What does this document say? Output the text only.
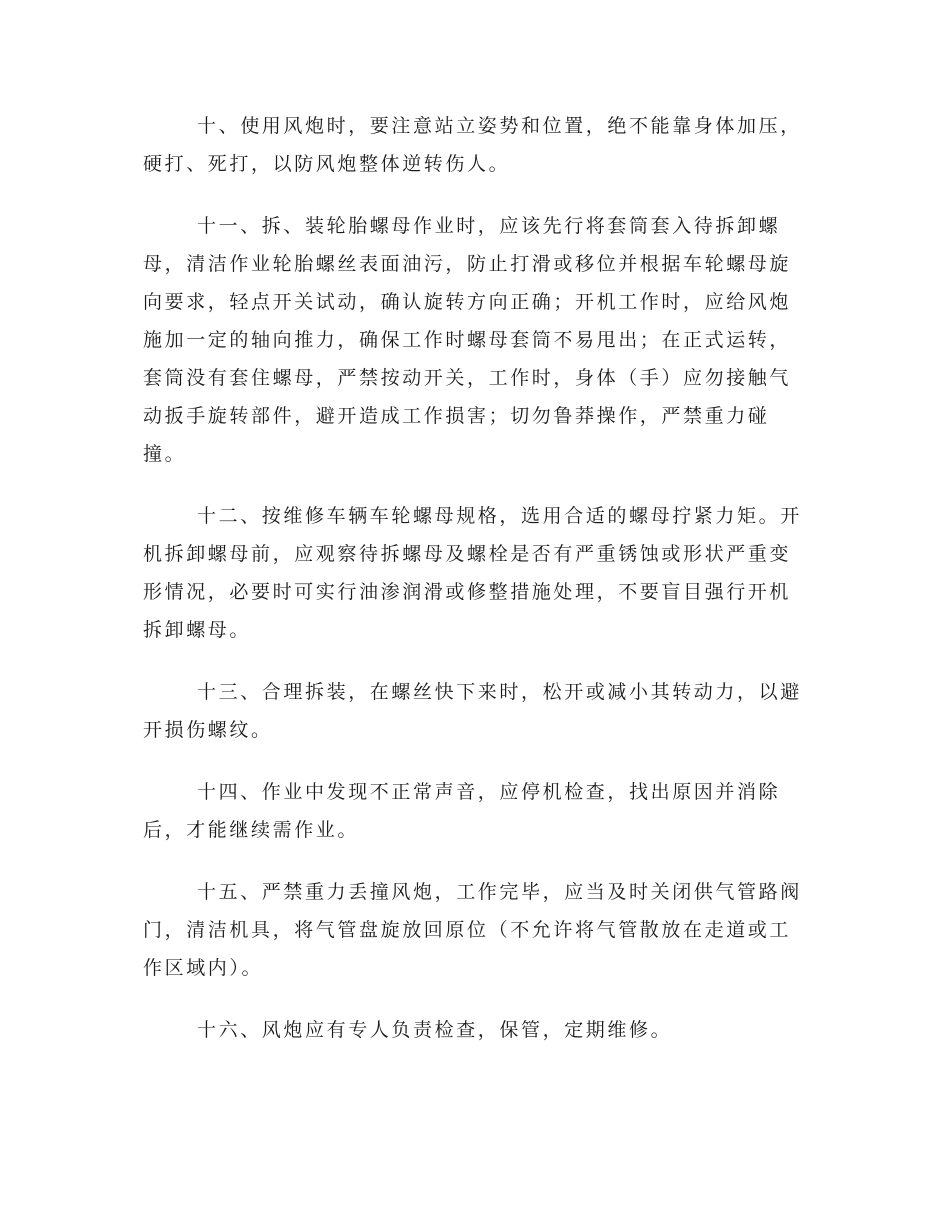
十、使用风炮时，要注意站立姿势和位置，绝不能靠身体加压，
硬打、死打，以防风炮整体逆转伤人。

十一、拆、装轮胎螺母作业时，应该先行将套筒套入待拆卸螺
母，清洁作业轮胎螺丝表面油污，防止打滑或移位并根据车轮螺母旋
向要求，轻点开关试动，确认旋转方向正确；开机工作时，应给风炮
施加一定的轴向推力，确保工作时螺母套筒不易甩出；在正式运转，
套筒没有套住螺母，严禁按动开关，工作时，身体（手）应勿接触气
动扳手旋转部件，避开造成工作损害；切勿鲁莽操作，严禁重力碰
撞。

十二、按维修车辆车轮螺母规格，选用合适的螺母拧紧力矩。开
机拆卸螺母前，应观察待拆螺母及螺栓是否有严重锈蚀或形状严重变
形情况，必要时可实行油渗润滑或修整措施处理，不要盲目强行开机
拆卸螺母。

十三、合理拆装，在螺丝快下来时，松开或减小其转动力，以避
开损伤螺纹。

十四、作业中发现不正常声音，应停机检查，找出原因并消除
后，才能继续需作业。

十五、严禁重力丢撞风炮，工作完毕，应当及时关闭供气管路阀
门，清洁机具，将气管盘旋放回原位（不允许将气管散放在走道或工
作区域内）。

十六、风炮应有专人负责检查，保管，定期维修。
